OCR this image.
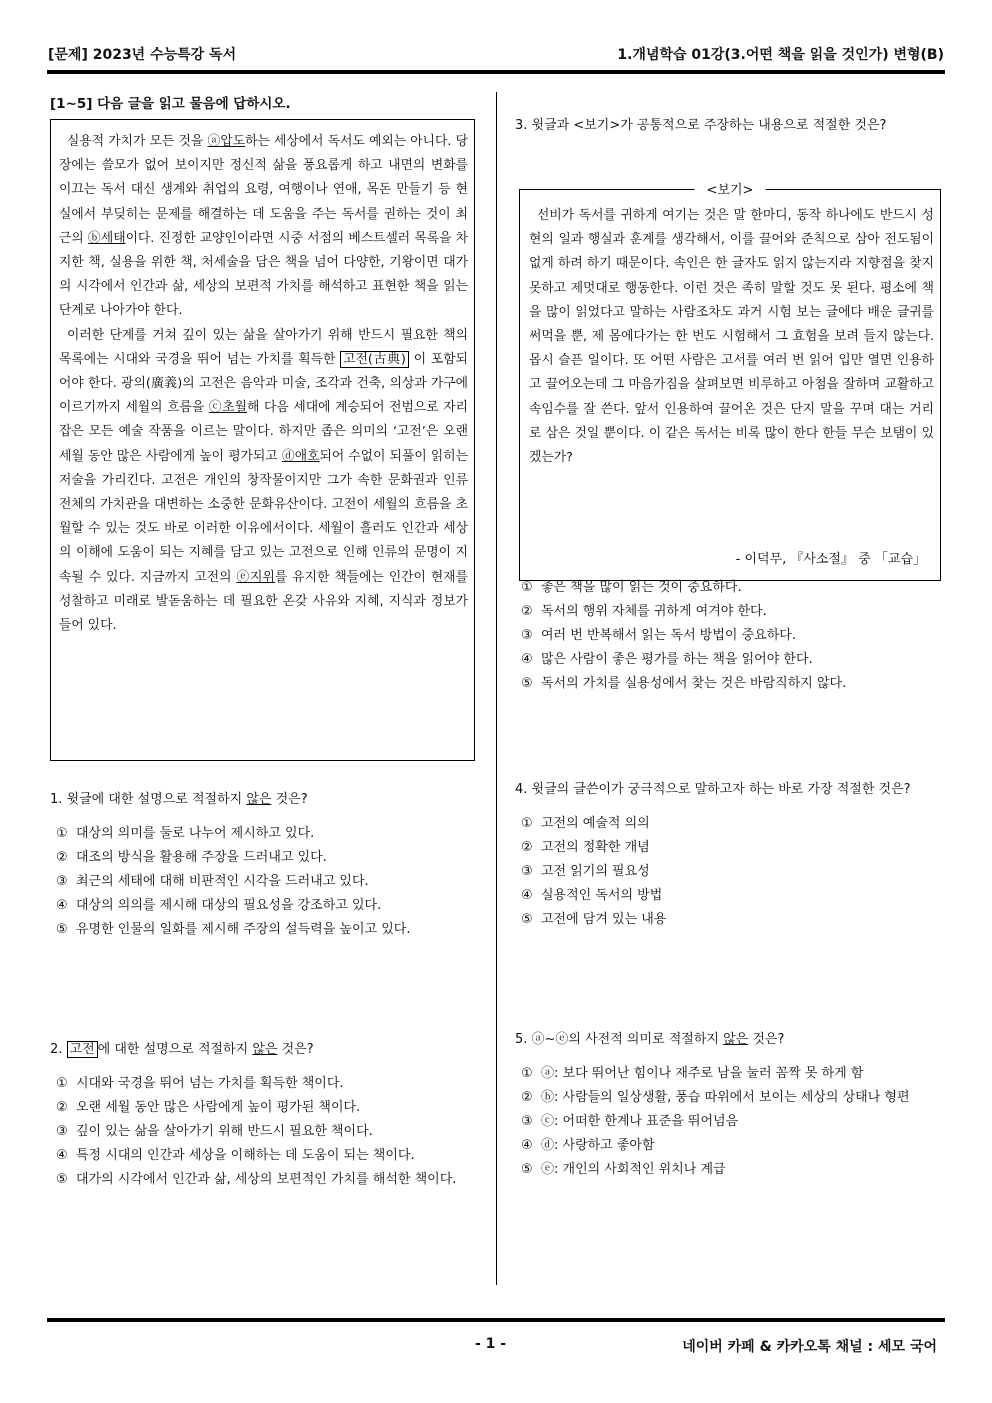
[문제] 2023년 수능특강 독서	1.개념학습 01강(3.어떤 책을 읽을 것인가) 변형(B)
[1~5] 다음 글을 읽고 물음에 답하시오.

실용적 가치가 모든 것을 ⓐ압도하는 세상에서 독서도 예외는 아니다. 당장에는 쓸모가 없어 보이지만 정신적 삶을 풍요롭게 하고 내면의 변화를 이끄는 독서 대신 생계와 취업의 요령, 여행이나 연애, 목돈 만들기 등 현실에서 부딪히는 문제를 해결하는 데 도움을 주는 독서를 권하는 것이 최근의 ⓑ세태이다. 진정한 교양인이라면 시중 서점의 베스트셀러 목록을 차지한 책, 실용을 위한 책, 처세술을 담은 책을 넘어 다양한, 기왕이면 대가의 시각에서 인간과 삶, 세상의 보편적 가치를 해석하고 표현한 책을 읽는 단계로 나아가야 한다.

이러한 단계를 거쳐 깊이 있는 삶을 살아가기 위해 반드시 필요한 책의 목록에는 시대와 국경을 뛰어 넘는 가치를 획득한 고전(古典) 이 포함되어야 한다. 광의(廣義)의 고전은 음악과 미술, 조각과 건축, 의상과 가구에 이르기까지 세월의 흐름을 ⓒ초월해 다음 세대에 계승되어 전범으로 자리 잡은 모든 예술 작품을 이르는 말이다. 하지만 좁은 의미의 ‘고전’은 오랜 세월 동안 많은 사람에게 높이 평가되고 ⓓ애호되어 수없이 되풀이 읽히는 저술을 가리킨다. 고전은 개인의 창작물이지만 그가 속한 문화권과 인류 전체의 가치관을 대변하는 소중한 문화유산이다. 고전이 세월의 흐름을 초월할 수 있는 것도 바로 이러한 이유에서이다. 세월이 흘러도 인간과 세상의 이해에 도움이 되는 지혜를 담고 있는 고전으로 인해 인류의 문명이 지속될 수 있다. 지금까지 고전의 ⓔ지위를 유지한 책들에는 인간이 현재를 성찰하고 미래로 발돋움하는 데 필요한 온갖 사유와 지혜, 지식과 정보가 들어 있다.

1. 윗글에 대한 설명으로 적절하지 않은 것은?

① 대상의 의미를 둘로 나누어 제시하고 있다.
② 대조의 방식을 활용해 주장을 드러내고 있다.
③ 최근의 세태에 대해 비판적인 시각을 드러내고 있다.
④ 대상의 의의를 제시해 대상의 필요성을 강조하고 있다.
⑤ 유명한 인물의 일화를 제시해 주장의 설득력을 높이고 있다.

2. 고전 에 대한 설명으로 적절하지 않은 것은?

① 시대와 국경을 뛰어 넘는 가치를 획득한 책이다.
② 오랜 세월 동안 많은 사람에게 높이 평가된 책이다.
③ 깊이 있는 삶을 살아가기 위해 반드시 필요한 책이다.
④ 특정 시대의 인간과 세상을 이해하는 데 도움이 되는 책이다.
⑤ 대가의 시각에서 인간과 삶, 세상의 보편적인 가치를 해석한 책이다.

3. 윗글과 <보기>가 공통적으로 주장하는 내용으로 적절한 것은?

<보기>

선비가 독서를 귀하게 여기는 것은 말 한마디, 동작 하나에도 반드시 성현의 일과 행실과 훈계를 생각해서, 이를 끌어와 준칙으로 삼아 전도됨이 없게 하려 하기 때문이다. 속인은 한 글자도 읽지 않는지라 지향점을 찾지 못하고 제멋대로 행동한다. 이런 것은 족히 말할 것도 못 된다. 평소에 책을 많이 읽었다고 말하는 사람조차도 과거 시험 보는 글에다 배운 글귀를 써먹을 뿐, 제 몸에다가는 한 번도 시험해서 그 효험을 보려 들지 않는다. 몹시 슬픈 일이다. 또 어떤 사람은 고서를 여러 번 읽어 입만 열면 인용하고 끌어오는데 그 마음가짐을 살펴보면 비루하고 아첨을 잘하며 교활하고 속임수를 잘 쓴다. 앞서 인용하여 끌어온 것은 단지 말을 꾸며 대는 거리로 삼은 것일 뿐이다. 이 같은 독서는 비록 많이 한다 한들 무슨 보탬이 있겠는가?

- 이덕무, 『사소절』 중 「교습」
① 좋은 책을 많이 읽는 것이 중요하다.
② 독서의 행위 자체를 귀하게 여겨야 한다.
③ 여러 번 반복해서 읽는 독서 방법이 중요하다.
④ 많은 사람이 좋은 평가를 하는 책을 읽어야 한다.
⑤ 독서의 가치를 실용성에서 찾는 것은 바람직하지 않다.

4. 윗글의 글쓴이가 궁극적으로 말하고자 하는 바로 가장 적절한 것은?

① 고전의 예술적 의의
② 고전의 정확한 개념
③ 고전 읽기의 필요성
④ 실용적인 독서의 방법
⑤ 고전에 담겨 있는 내용

5. ⓐ~ⓔ의 사전적 의미로 적절하지 않은 것은?

① ⓐ: 보다 뛰어난 힘이나 재주로 남을 눌러 꼼짝 못 하게 함
② ⓑ: 사람들의 일상생활, 풍습 따위에서 보이는 세상의 상태나 형편
③ ⓒ: 어떠한 한계나 표준을 뛰어넘음
④ ⓓ: 사랑하고 좋아함
⑤ ⓔ: 개인의 사회적인 위치나 계급
- 1 -	네이버 카페 & 카카오톡 채널 : 세모 국어
